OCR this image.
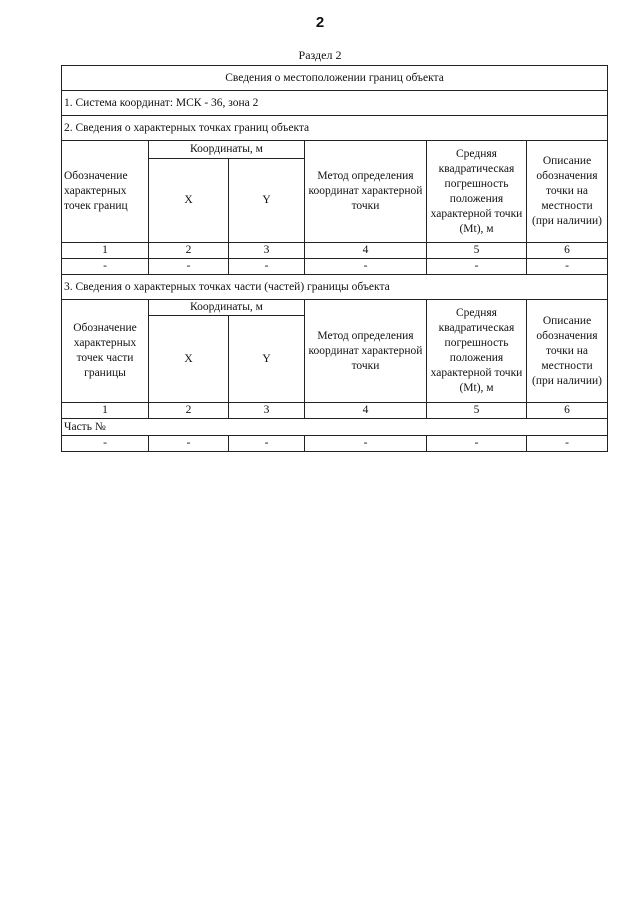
2
Раздел 2
Сведения о местоположении границ объекта					
1. Система координат: МСК - 36, зона 2					
2. Сведения о характерных точках границ объекта					
Обозначение характерных точек границ	Координаты, м		Метод определения координат характерной точки	Средняя квадратическая погрешность положения характерной точки (Mt), м	Описание обозначения точки на местности (при наличии)
	X	Y			
1	2	3	4	5	6
-	-	-	-	-	-
3. Сведения о характерных точках части (частей) границы объекта					
Обозначение характерных точек части границы	Координаты, м		Метод определения координат характерной точки	Средняя квадратическая погрешность положения характерной точки (Mt), м	Описание обозначения точки на местности (при наличии)
	X	Y			
1	2	3	4	5	6
Часть №					
-	-	-	-	-	-
